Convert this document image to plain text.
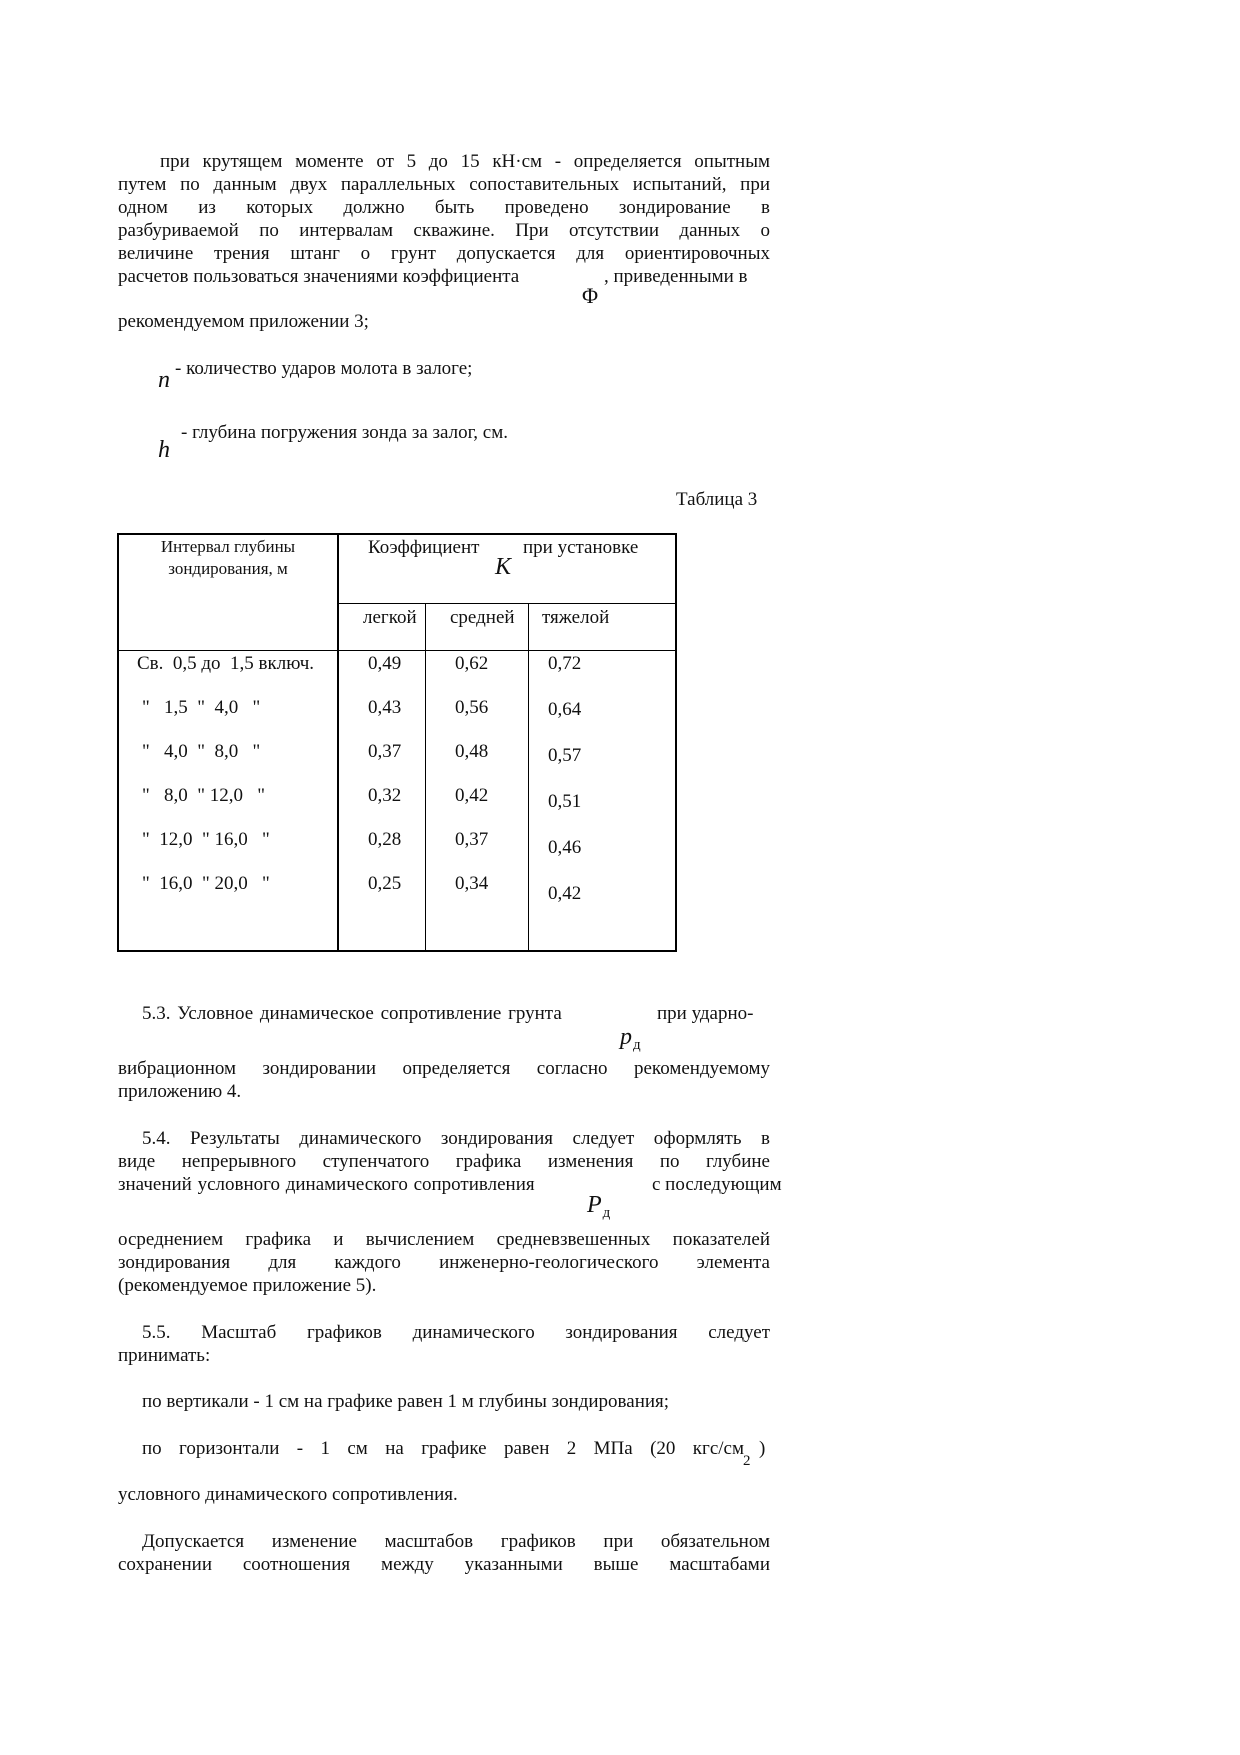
при крутящем моменте от 5 до 15 кН·см - определяется опытным
путем по данным двух параллельных сопоставительных испытаний, при
одном из которых должно быть проведено зондирование в
разбуриваемой по интервалам скважине. При отсутствии данных о
величине трения штанг о грунт допускается для ориентировочных
расчетов пользоваться значениями коэффициента	, приведенными в
Φ
рекомендуемом приложении 3;
- количество ударов молота в залоге;
n
- глубина погружения зонда за залог, см.
h
Таблица 3
Интервал глубины
зондирования, м
Коэффициент при установке
K
легкой средней тяжелой
Св.  0,5 до  1,5 включ.	0,49	0,62	0,72
"   1,5  "  4,0   "	0,43	0,56	0,64
"   4,0  "  8,0   "	0,37	0,48	0,57
"   8,0  " 12,0   "	0,32	0,42	0,51
"  12,0  " 16,0   "	0,28	0,37	0,46
"  16,0  " 20,0   "	0,25	0,34	0,42
5.3. Условное динамическое сопротивление грунта	при ударно-
$p_д$
вибрационном зондировании определяется согласно рекомендуемому
приложению 4.
5.4. Результаты динамического зондирования следует оформлять в
виде непрерывного ступенчатого графика изменения по глубине
значений условного динамического сопротивления	с последующим
$P_д$
осреднением графика и вычислением средневзвешенных показателей
зондирования для каждого инженерно-геологического элемента
(рекомендуемое приложение 5).
5.5. Масштаб графиков динамического зондирования следует
принимать:
по вертикали - 1 см на графике равен 1 м глубины зондирования;
по горизонтали - 1 см на графике равен 2 МПа (20 кгс/см )
2
условного динамического сопротивления.
Допускается изменение масштабов графиков при обязательном
сохранении соотношения между указанными выше масштабами
